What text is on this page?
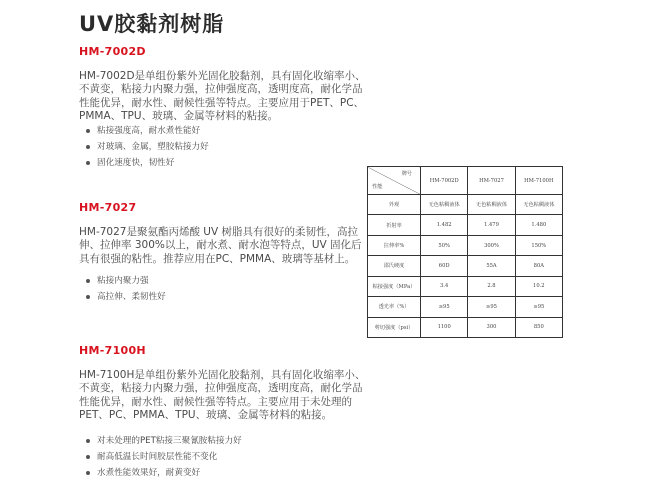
UV胶黏剂树脂
HM-7002D

HM-7002D是单组份紫外光固化胶黏剂，具有固化收缩率小、不黄变，粘接力内聚力强，拉伸强度高，透明度高，耐化学品性能优异，耐水性、耐候性强等特点。主要应用于PET、PC、PMMA、TPU、玻璃、金属等材料的粘接。

粘接强度高，耐水煮性能好
对玻璃、金属，塑胶粘接力好
固化速度快，韧性好
HM-7027

HM-7027是聚氨酯丙烯酸 UV 树脂具有很好的柔韧性，高拉伸、拉伸率 300%以上，耐水煮、耐水泡等特点，UV 固化后具有很强的粘性。推荐应用在PC、PMMA、玻璃等基材上。

粘接内聚力强
高拉伸、柔韧性好
HM-7100H

HM-7100H是单组份紫外光固化胶黏剂，具有固化收缩率小、不黄变，粘接力内聚力强，拉伸强度高，透明度高，耐化学品性能优异，耐水性、耐候性强等特点。主要应用于未处理的PET、PC、PMMA、TPU、玻璃、金属等材料的粘接。

对未处理的PET粘接三聚氰胺粘接力好
耐高低温长时间胶层性能不变化
水煮性能效果好，耐黄变好
牌号
性能	HM-7002D	HM-7027	HM-7100H
外观	无色粘稠液体	无色粘稠液体	无色粘稠液体
折射率	1.482	1.479	1.480
拉伸率%	50%	300%	150%
邵氏硬度	60D	55A	80A
粘接强度（MPa）	3.4	2.8	10.2
透光率（%）	≥95	≥95	≥95
剪切强度（psi）	1100	300	850
